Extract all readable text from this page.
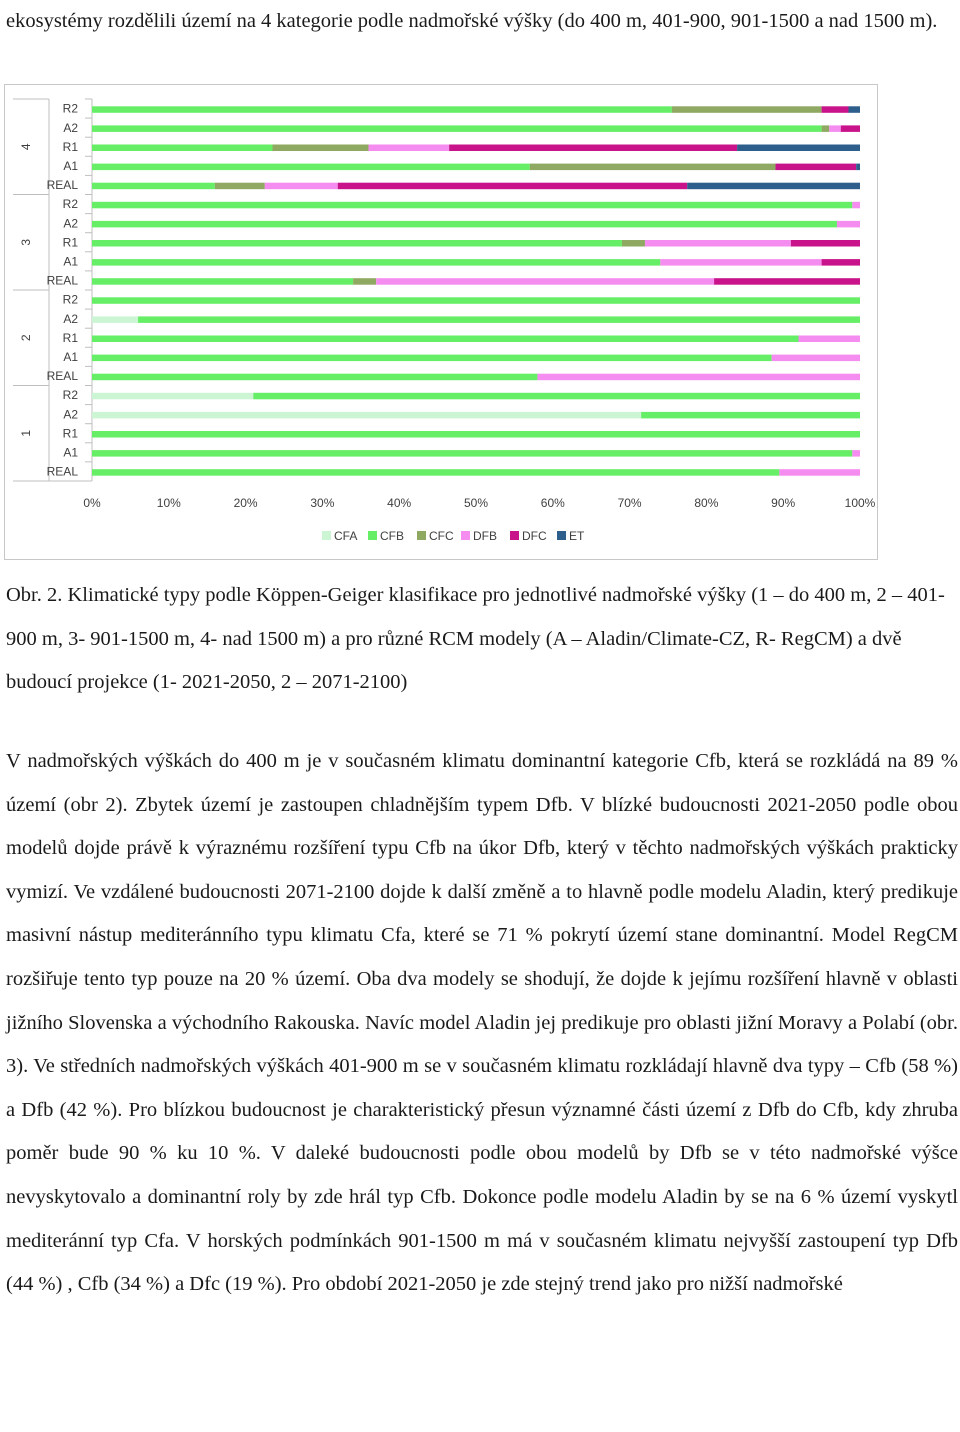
ekosystémy rozdělili území na 4 kategorie podle nadmořské výšky (do 400 m, 401-900, 901-1500 a nad 1500 m).

4
3
2
1
R2
A2
R1
A1
REAL
R2
A2
R1
A1
REAL
R2
A2
R1
A1
REAL
R2
A2
R1
A1
REAL
0%	10%	20%	30%	40%	50%	60%	70%	80%	90%	100%
CFA CFB CFC DFB DFC ET

Obr. 2. Klimatické typy podle Köppen-Geiger klasifikace pro jednotlivé nadmořské výšky (1 – do 400 m, 2 – 401-900 m, 3- 901-1500 m, 4- nad 1500 m) a pro různé RCM modely (A – Aladin/Climate-CZ, R- RegCM) a dvě budoucí projekce (1- 2021-2050, 2 – 2071-2100)

V nadmořských výškách do 400 m je v současném klimatu dominantní kategorie Cfb, která se rozkládá na 89 % území (obr 2). Zbytek území je zastoupen chladnějším typem Dfb. V blízké budoucnosti 2021-2050 podle obou modelů dojde právě k výraznému rozšíření typu Cfb na úkor Dfb, který v těchto nadmořských výškách prakticky vymizí. Ve vzdálené budoucnosti 2071-2100 dojde k další změně a to hlavně podle modelu Aladin, který predikuje masivní nástup mediteránního typu klimatu Cfa, které se 71 % pokrytí území stane dominantní. Model RegCM rozšiřuje tento typ pouze na 20 % území. Oba dva modely se shodují, že dojde k jejímu rozšíření hlavně v oblasti jižního Slovenska a východního Rakouska. Navíc model Aladin jej predikuje pro oblasti jižní Moravy a Polabí (obr. 3). Ve středních nadmořských výškách 401-900 m se v současném klimatu rozkládají hlavně dva typy – Cfb (58 %) a Dfb (42 %). Pro blízkou budoucnost je charakteristický přesun významné části území z Dfb do Cfb, kdy zhruba poměr bude 90 % ku 10 %. V daleké budoucnosti podle obou modelů by Dfb se v této nadmořské výšce nevyskytovalo a dominantní roly by zde hrál typ Cfb. Dokonce podle modelu Aladin by se na 6 % území vyskytl mediteránní typ Cfa. V horských podmínkách 901-1500 m má v současném klimatu nejvyšší zastoupení typ Dfb (44 %) , Cfb (34 %) a Dfc (19 %). Pro období 2021-2050 je zde stejný trend jako pro nižší nadmořské
